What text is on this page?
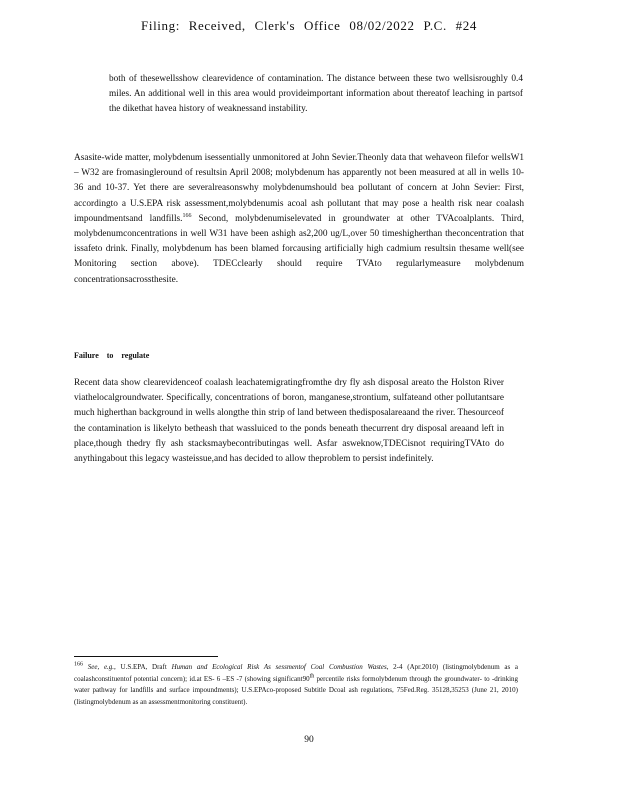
Filing: Received, Clerk's Office 08/02/2022 P.C. #24

both of thesewellsshow clearevidence of contamination. The distance between these two wellsisroughly 0.4 miles. An additional well in this area would provideimportant information about thereatof leaching in partsof the dikethat havea history of weaknessand instability.

Asasite-wide matter, molybdenum isessentially unmonitored at John Sevier.Theonly data that wehaveon filefor wellsW1 – W32 are fromasingleround of resultsin April 2008; molybdenum has apparently not been measured at all in wells 10-36 and 10-37. Yet there are severalreasonswhy molybdenumshould bea pollutant of concern at John Sevier: First, accordingto a U.S.EPA risk assessment,molybdenumis acoal ash pollutant that may pose a health risk near coalash impoundmentsand landfills.$^{166}$ Second, molybdenumiselevated in groundwater at other TVAcoalplants. Third, molybdenumconcentrations in well W31 have been ashigh as2,200 ug/L,over 50 timeshigherthan theconcentration that issafeto drink. Finally, molybdenum has been blamed forcausing artificially high cadmium resultsin thesame well(see Monitoring section above). TDECclearly should require TVAto regularlymeasure molybdenum concentrationsacrossthesite.

Failure to regulate

Recent data show clearevidenceof coalash leachatemigratingfromthe dry fly ash disposal areato the Holston River viathelocalgroundwater. Specifically, concentrations of boron, manganese,strontium, sulfateand other pollutantsare much higherthan background in wells alongthe thin strip of land between thedisposalareaand the river. Thesourceof the contamination is likelyto betheash that wassluiced to the ponds beneath thecurrent dry disposal areaand left in place,though thedry fly ash stacksmaybecontributingas well. Asfar asweknow,TDECisnot requiringTVAto do anythingabout this legacy wasteissue,and has decided to allow theproblem to persist indefinitely.

$^{166}$ See, e.g., U.S.EPA, Draft Human and Ecological Risk As sessmentof Coal Combustion Wastes, 2-4 (Apr.2010) (listingmolybdenum as a coalashconstituentof potential concern); id.at ES- 6 –ES -7 (showing significant90th percentile risks formolybdenum through the groundwater- to -drinking water pathway for landfills and surface impoundments); U.S.EPAco-proposed Subtitle Dcoal ash regulations, 75Fed.Reg. 35128,35253 (June 21, 2010) (listingmolybdenum as an assessmentmonitoring constituent).

90
